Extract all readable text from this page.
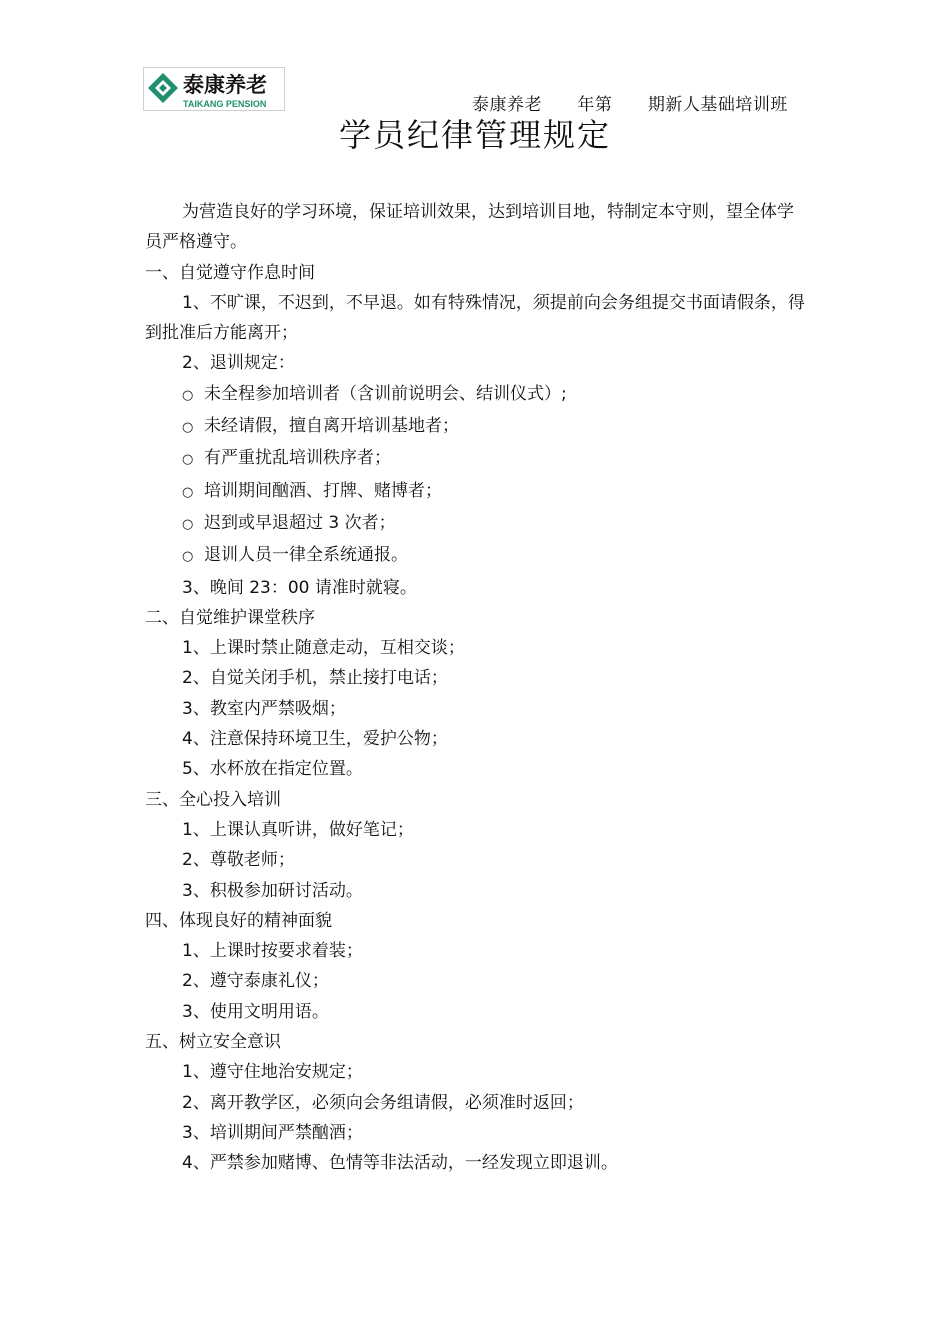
泰康养老
TAIKANG PENSION	泰康养老      年第      期新人基础培训班
学员纪律管理规定

为营造良好的学习环境，保证培训效果，达到培训目地，特制定本守则，望全体学员严格遵守。

一、自觉遵守作息时间

1、不旷课，不迟到，不早退。如有特殊情况，须提前向会务组提交书面请假条，得到批准后方能离开；

2、退训规定：

○ 未全程参加培训者（含训前说明会、结训仪式）;

○ 未经请假，擅自离开培训基地者；

○ 有严重扰乱培训秩序者；

○ 培训期间酗酒、打牌、赌博者；

○ 迟到或早退超过 3 次者；

○ 退训人员一律全系统通报。

3、晚间 23：00 请准时就寝。

二、自觉维护课堂秩序

1、上课时禁止随意走动，互相交谈；

2、自觉关闭手机，禁止接打电话；

3、教室内严禁吸烟；

4、注意保持环境卫生，爱护公物；

5、水杯放在指定位置。

三、全心投入培训

1、上课认真听讲，做好笔记；

2、尊敬老师；

3、积极参加研讨活动。

四、体现良好的精神面貌

1、上课时按要求着装；

2、遵守泰康礼仪；

3、使用文明用语。

五、树立安全意识

1、遵守住地治安规定；

2、离开教学区，必须向会务组请假，必须准时返回；

3、培训期间严禁酗酒；

4、严禁参加赌博、色情等非法活动，一经发现立即退训。
